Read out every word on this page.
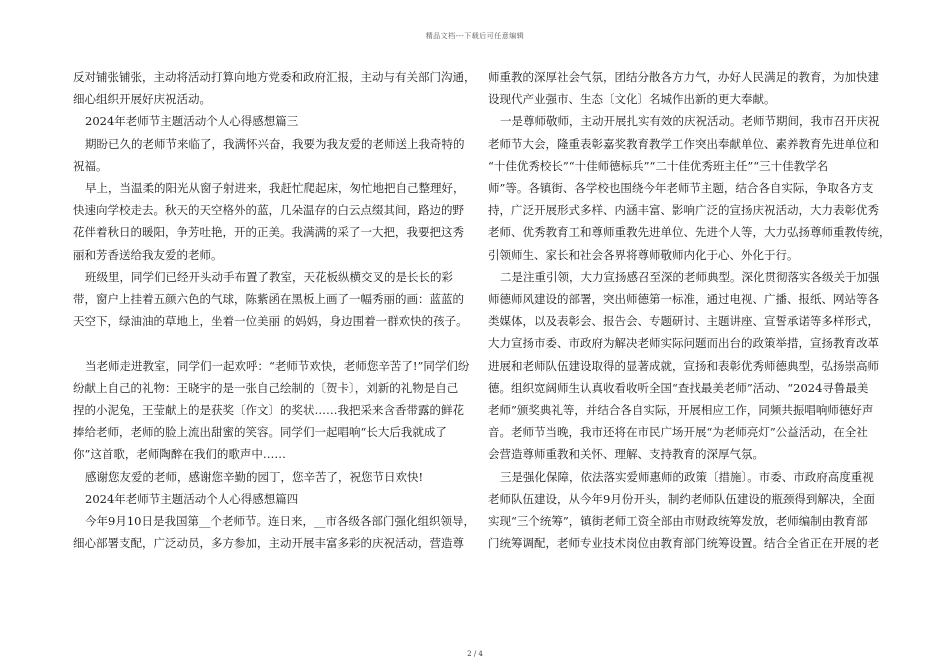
精品文档---下载后可任意编辑

反对铺张铺张，主动将活动打算向地方党委和政府汇报，主动与有关部门沟通，

细心组织开展好庆祝活动。

2024年老师节主题活动个人心得感想篇三

期盼已久的老师节来临了，我满怀兴奋，我要为我友爱的老师送上我奇特的

祝福。

早上，当温柔的阳光从窗子射进来，我赶忙爬起床，匆忙地把自己整理好，

快速向学校走去。秋天的天空格外的蓝，几朵温存的白云点缀其间，路边的野

花伴着秋日的暖阳，争芳吐艳，开的正美。我满满的采了一大把，我要把这秀

丽和芳香送给我友爱的老师。

班级里，同学们已经开头动手布置了教室，天花板纵横交叉的是长长的彩

带，窗户上挂着五颜六色的气球，陈紫函在黑板上画了一幅秀丽的画：蓝蓝的

天空下，绿油油的草地上，坐着一位美丽 的妈妈，身边围着一群欢快的孩子。

当老师走进教室，同学们一起欢呼：“老师节欢快，老师您辛苦了!”同学们纷

纷献上自己的礼物：王晓宇的是一张自己绘制的〔贺卡〕，刘新的礼物是自己

捏的小泥兔，王莹献上的是获奖〔作文〕的奖状……我把采来含香带露的鲜花

捧给老师，老师的脸上流出甜蜜的笑容。同学们一起唱响“长大后我就成了

你”这首歌，老师陶醉在我们的歌声中……

感谢您友爱的老师，感谢您辛勤的园丁，您辛苦了，祝您节日欢快!

2024年老师节主题活动个人心得感想篇四

今年9月10日是我国第__个老师节。连日来，__市各级各部门强化组织领导，

细心部署支配，广泛动员，多方参加，主动开展丰富多彩的庆祝活动，营造尊

师重教的深厚社会气氛，团结分散各方力气，办好人民满足的教育，为加快建

设现代产业强市、生态〔文化〕名城作出新的更大奉献。

一是尊师敬师，主动开展扎实有效的庆祝活动。老师节期间，我市召开庆祝

老师节大会，隆重表彰嘉奖教育教学工作突出奉献单位、素养教育先进单位和

“十佳优秀校长”“十佳师德标兵”“二十佳优秀班主任”“三十佳教学名

师”等。各镇街、各学校也围绕今年老师节主题，结合各自实际，争取各方支

持，广泛开展形式多样、内涵丰富、影响广泛的宣扬庆祝活动，大力表彰优秀

老师、优秀教育工和尊师重教先进单位、先进个人等，大力弘扬尊师重教传统，

引领师生、家长和社会各界将尊师敬师内化于心、外化于行。

二是注重引领，大力宣扬感召至深的老师典型。深化贯彻落实各级关于加强

师德师风建设的部署，突出师德第一标准，通过电视、广播、报纸、网站等各

类媒体，以及表彰会、报告会、专题研讨、主题讲座、宣誓承诺等多样形式，

大力宣扬市委、市政府为解决老师实际问题而出台的政策举措，宣扬教育改革

进展和老师队伍建设取得的显著成就，宣扬和表彰优秀师德典型，弘扬崇高师

德。组织宽阔师生认真收看收听全国“查找最美老师”活动、“2024寻鲁最美

老师”颁奖典礼等，并结合各自实际，开展相应工作，同频共振唱响师德好声

音。老师节当晚，我市还将在市民广场开展“为老师亮灯”公益活动，在全社

会营造尊师重教和关怀、理解、支持教育的深厚气氛。

三是强化保障，依法落实爱师惠师的政策〔措施〕。市委、市政府高度重视

老师队伍建设，从今年9月份开头，制约老师队伍建设的瓶颈得到解决，全面

实现“三个统筹”，镇街老师工资全部由市财政统筹发放，老师编制由教育部

门统筹调配，老师专业技术岗位由教育部门统筹设置。结合全省正在开展的老

2 / 4
